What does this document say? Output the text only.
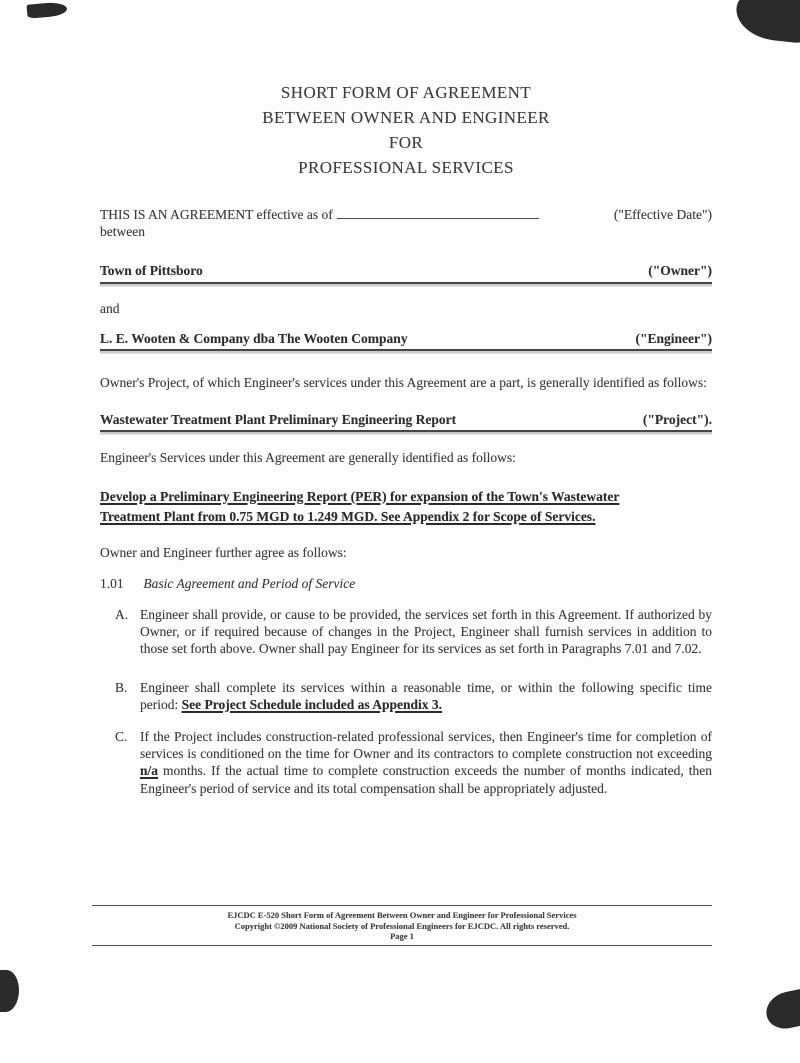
SHORT FORM OF AGREEMENT
BETWEEN OWNER AND ENGINEER
FOR
PROFESSIONAL SERVICES
THIS IS AN AGREEMENT effective as of	("Effective Date")

between

Town of Pittsboro	("Owner")

and

L. E. Wooten & Company dba The Wooten Company	("Engineer")

Owner's Project, of which Engineer's services under this Agreement are a part, is generally identified as follows:

Wastewater Treatment Plant Preliminary Engineering Report	("Project").

Engineer's Services under this Agreement are generally identified as follows:

Develop a Preliminary Engineering Report (PER) for expansion of the Town's Wastewater
Treatment Plant from 0.75 MGD to 1.249 MGD. See Appendix 2 for Scope of Services.

Owner and Engineer further agree as follows:

1.01 Basic Agreement and Period of Service
A. Engineer shall provide, or cause to be provided, the services set forth in this Agreement. If authorized by Owner, or if required because of changes in the Project, Engineer shall furnish services in addition to those set forth above. Owner shall pay Engineer for its services as set forth in Paragraphs 7.01 and 7.02.
B. Engineer shall complete its services within a reasonable time, or within the following specific time period: See Project Schedule included as Appendix 3.
C. If the Project includes construction-related professional services, then Engineer's time for completion of services is conditioned on the time for Owner and its contractors to complete construction not exceeding n/a months. If the actual time to complete construction exceeds the number of months indicated, then Engineer's period of service and its total compensation shall be appropriately adjusted.
EJCDC E-520 Short Form of Agreement Between Owner and Engineer for Professional Services
Copyright ©2009 National Society of Professional Engineers for EJCDC. All rights reserved.
Page 1
